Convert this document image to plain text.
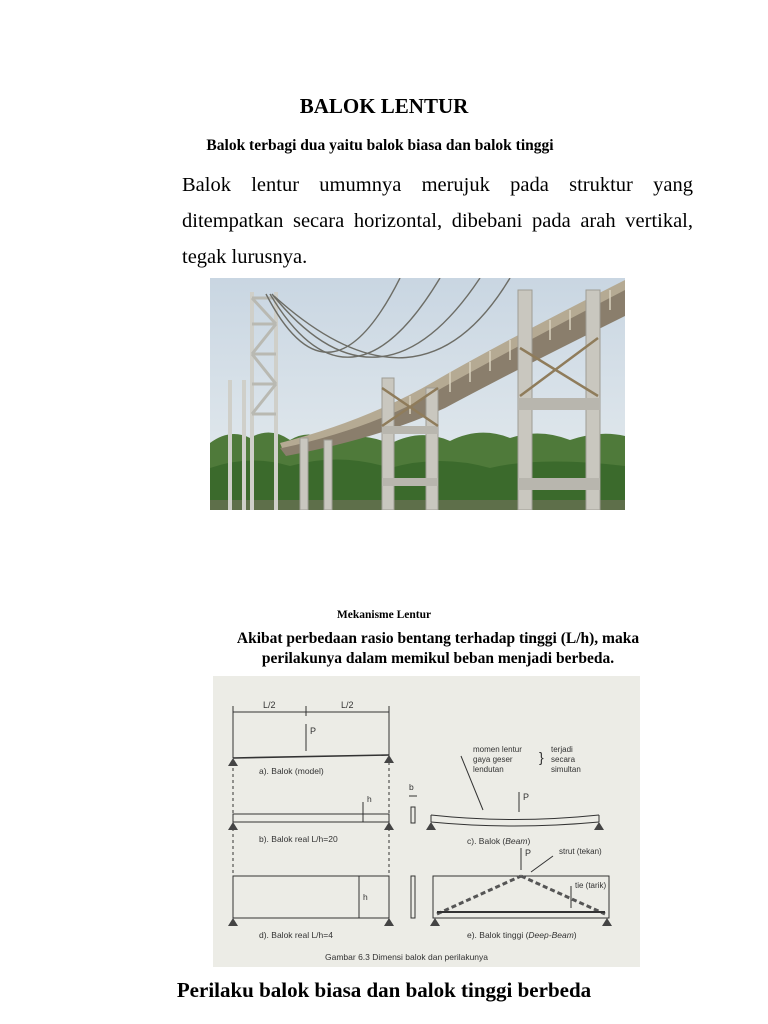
BALOK LENTUR
Balok terbagi dua yaitu balok biasa dan balok tinggi
Balok lentur umumnya merujuk pada struktur yang ditempatkan secara horizontal, dibebani pada arah vertikal, tegak lurusnya.
Mekanisme Lentur
Akibat perbedaan rasio bentang terhadap tinggi (L/h), maka perilakunya dalam memikul beban menjadi berbeda.
L/2	L/2
P
a). Balok (model)
h
b
b). Balok real L/h=20
P
c). Balok (Beam)
momen lentur
gaya geser
lendutan
} terjadi
secara
simultan
P	strut (tekan)
tie (tarik)
h
d). Balok real L/h=4	e). Balok tinggi (Deep-Beam)
Gambar 6.3 Dimensi balok dan perilakunya
Perilaku balok biasa dan balok tinggi berbeda
